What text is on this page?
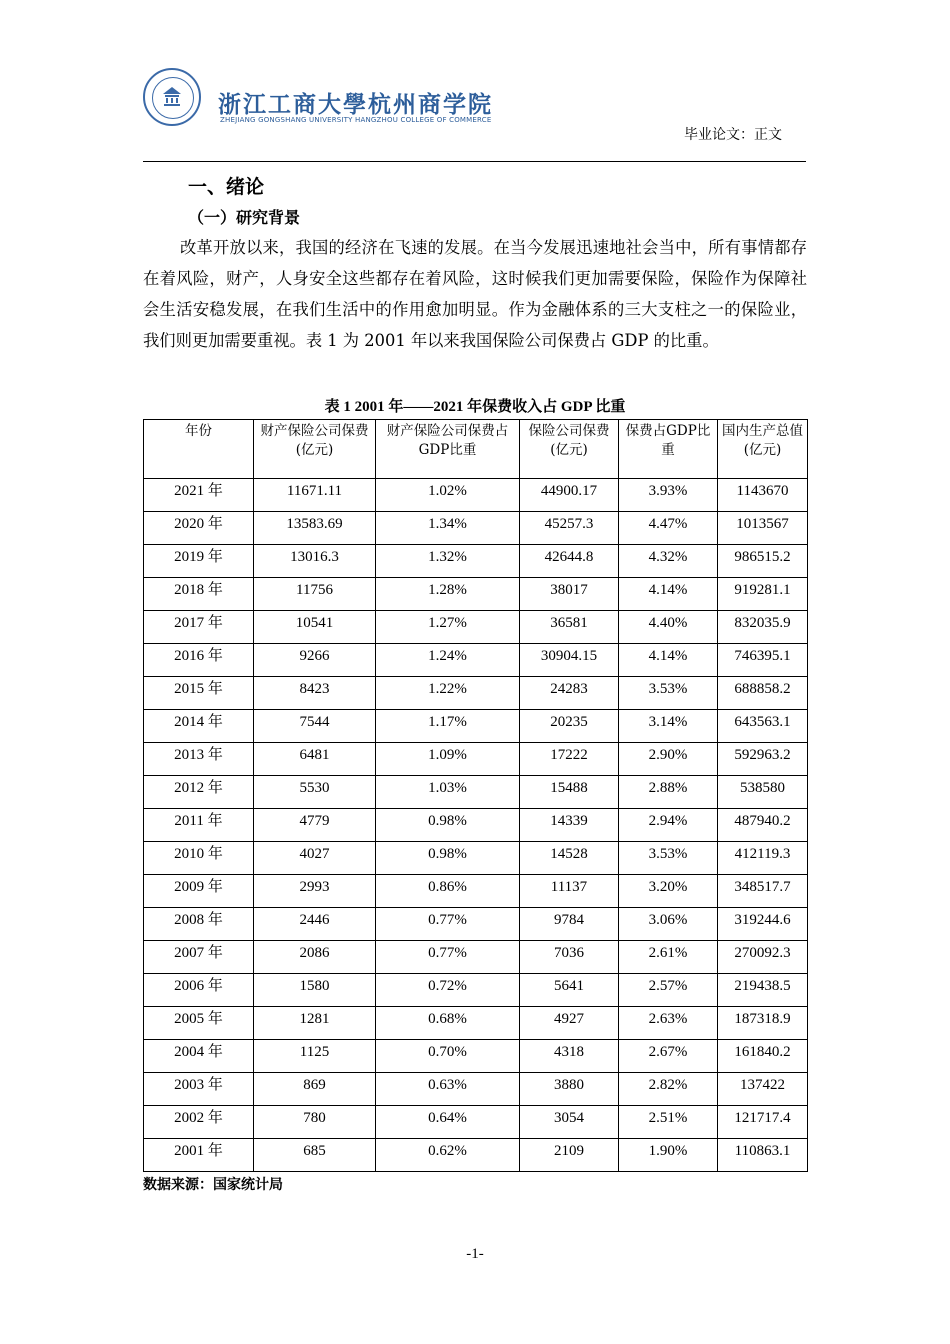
浙江工商大學杭州商学院
ZHEJIANG GONGSHANG UNIVERSITY HANGZHOU COLLEGE OF COMMERCE
毕业论文：正文
一、绪论
（一）研究背景
改革开放以来，我国的经济在飞速的发展。在当今发展迅速地社会当中，所有事情都存在着风险，财产，人身安全这些都存在着风险，这时候我们更加需要保险，保险作为保障社会生活安稳发展，在我们生活中的作用愈加明显。作为金融体系的三大支柱之一的保险业，我们则更加需要重视。表 1 为 2001 年以来我国保险公司保费占 GDP 的比重。
表 1 2001 年——2021 年保费收入占 GDP 比重
年份	财产保险公司保费(亿元)	财产保险公司保费占GDP比重	保险公司保费(亿元)	保费占GDP比重	国内生产总值(亿元)
2021 年	11671.11	1.02%	44900.17	3.93%	1143670
2020 年	13583.69	1.34%	45257.3	4.47%	1013567
2019 年	13016.3	1.32%	42644.8	4.32%	986515.2
2018 年	11756	1.28%	38017	4.14%	919281.1
2017 年	10541	1.27%	36581	4.40%	832035.9
2016 年	9266	1.24%	30904.15	4.14%	746395.1
2015 年	8423	1.22%	24283	3.53%	688858.2
2014 年	7544	1.17%	20235	3.14%	643563.1
2013 年	6481	1.09%	17222	2.90%	592963.2
2012 年	5530	1.03%	15488	2.88%	538580
2011 年	4779	0.98%	14339	2.94%	487940.2
2010 年	4027	0.98%	14528	3.53%	412119.3
2009 年	2993	0.86%	11137	3.20%	348517.7
2008 年	2446	0.77%	9784	3.06%	319244.6
2007 年	2086	0.77%	7036	2.61%	270092.3
2006 年	1580	0.72%	5641	2.57%	219438.5
2005 年	1281	0.68%	4927	2.63%	187318.9
2004 年	1125	0.70%	4318	2.67%	161840.2
2003 年	869	0.63%	3880	2.82%	137422
2002 年	780	0.64%	3054	2.51%	121717.4
2001 年	685	0.62%	2109	1.90%	110863.1
数据来源：国家统计局
-1-
